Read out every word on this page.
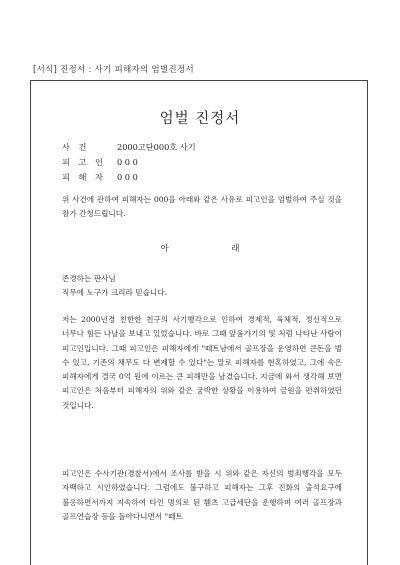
[서식] 진정서 : 사기 피해자의 엄벌진정서
엄벌 진정서
사 건	2000고단000호 사기
피 고 인 0 0 0
피 해 자 0 0 0

위 사건에 관하여 피해자는 000을 아래와 같은 사유로 피고인을 엄벌하여 주실 것을 참가 간청드립니다.

아 래

존경하는 판사님

직무에 노구가 크리라 믿습니다.

저는 2000년경 친한한 친구의 사기행각으로 인하여 경제적, 육체적, 정신적으로 너무나 힘든 나날을 보내고 있었습니다. 바로 그때 앞움가기의 및 처럼 나타난 사람이 피고인입니다. 그때 피고인은 피해자에게 "떼트남에서 골프장을 운영하면 큰돈을 벌 수 있고, 기존의 채무도 다 변제할 수 있다"는 말로 피해자를 현혹하였고, 그에 속은 피해자에게 결국 0억 원에 이르는 큰 피해만을 남겼습니다. 지금에 와서 생각해 보면 피고인은 처음부터 피해자의 위와 같은 궁박한 상황을 이용하여 금원을 편취하였던 것입니다.

피고인은 수사기관(경찰서)에서 조사를 받을 시 위와 같은 자신의 범죄행각을 모두 자백하고 시인하였습니다. 그럼에도 불구하고 피해자는 그후 진화의 출석요구에 불응하면서까지 지속하여 타인 명의로 된 휀츠 고급세단을 운행하며 여러 골프장과 골프연습장 등을 돌아다니면서 "떼트
